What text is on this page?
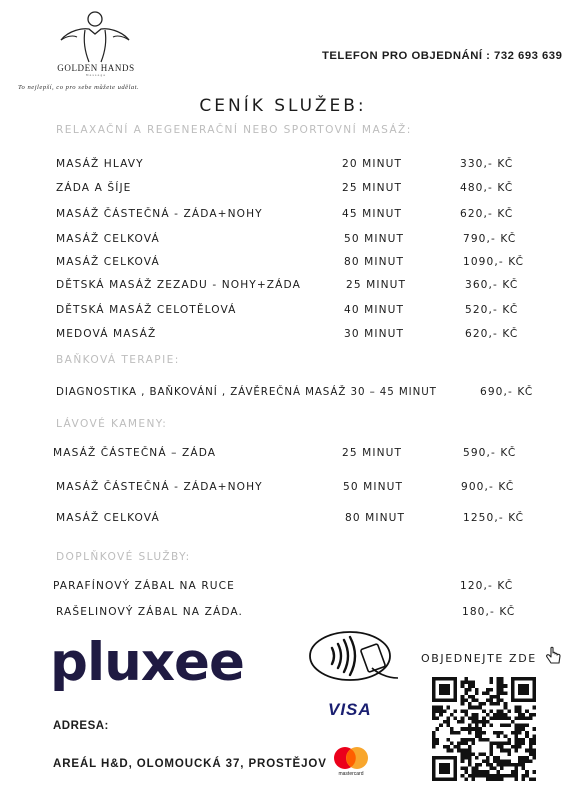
GOLDEN HANDS
Massage
To nejlepší, co pro sebe můžete udělat.
TELEFON PRO OBJEDNÁNÍ : 732 693 639
CENÍK SLUŽEB:
RELAXAČNÍ A REGENERAČNÍ NEBO SPORTOVNÍ MASÁŽ:
MASÁŽ HLAVY	20 MINUT	330,- KČ
ZÁDA A ŠÍJE	25 MINUT	480,- KČ
MASÁŽ ČÁSTEČNÁ - ZÁDA+NOHY	45 MINUT	620,- KČ
MASÁŽ CELKOVÁ	50 MINUT	790,- KČ
MASÁŽ CELKOVÁ	80 MINUT	1090,- KČ
DĚTSKÁ MASÁŽ ZEZADU - NOHY+ZÁDA	25 MINUT	360,- KČ
DĚTSKÁ MASÁŽ CELOTĚLOVÁ	40 MINUT	520,- KČ
MEDOVÁ MASÁŽ	30 MINUT	620,- KČ
BAŇKOVÁ TERAPIE:
DIAGNOSTIKA , BAŇKOVÁNÍ , ZÁVĚREČNÁ MASÁŽ 30 – 45 MINUT	690,- KČ
LÁVOVÉ KAMENY:
MASÁŽ ČÁSTEČNÁ – ZÁDA	25 MINUT	590,- KČ
MASÁŽ ČÁSTEČNÁ - ZÁDA+NOHY	50 MINUT	900,- KČ
MASÁŽ CELKOVÁ	80 MINUT	1250,- KČ
DOPLŇKOVÉ SLUŽBY:
PARAFÍNOVÝ ZÁBAL NA RUCE	120,- KČ
RAŠELINOVÝ ZÁBAL NA ZÁDA.	180,- KČ
pluxee
VISA
mastercard
OBJEDNEJTE ZDE
ADRESA:
AREÁL H&D, OLOMOUCKÁ 37, PROSTĚJOV
